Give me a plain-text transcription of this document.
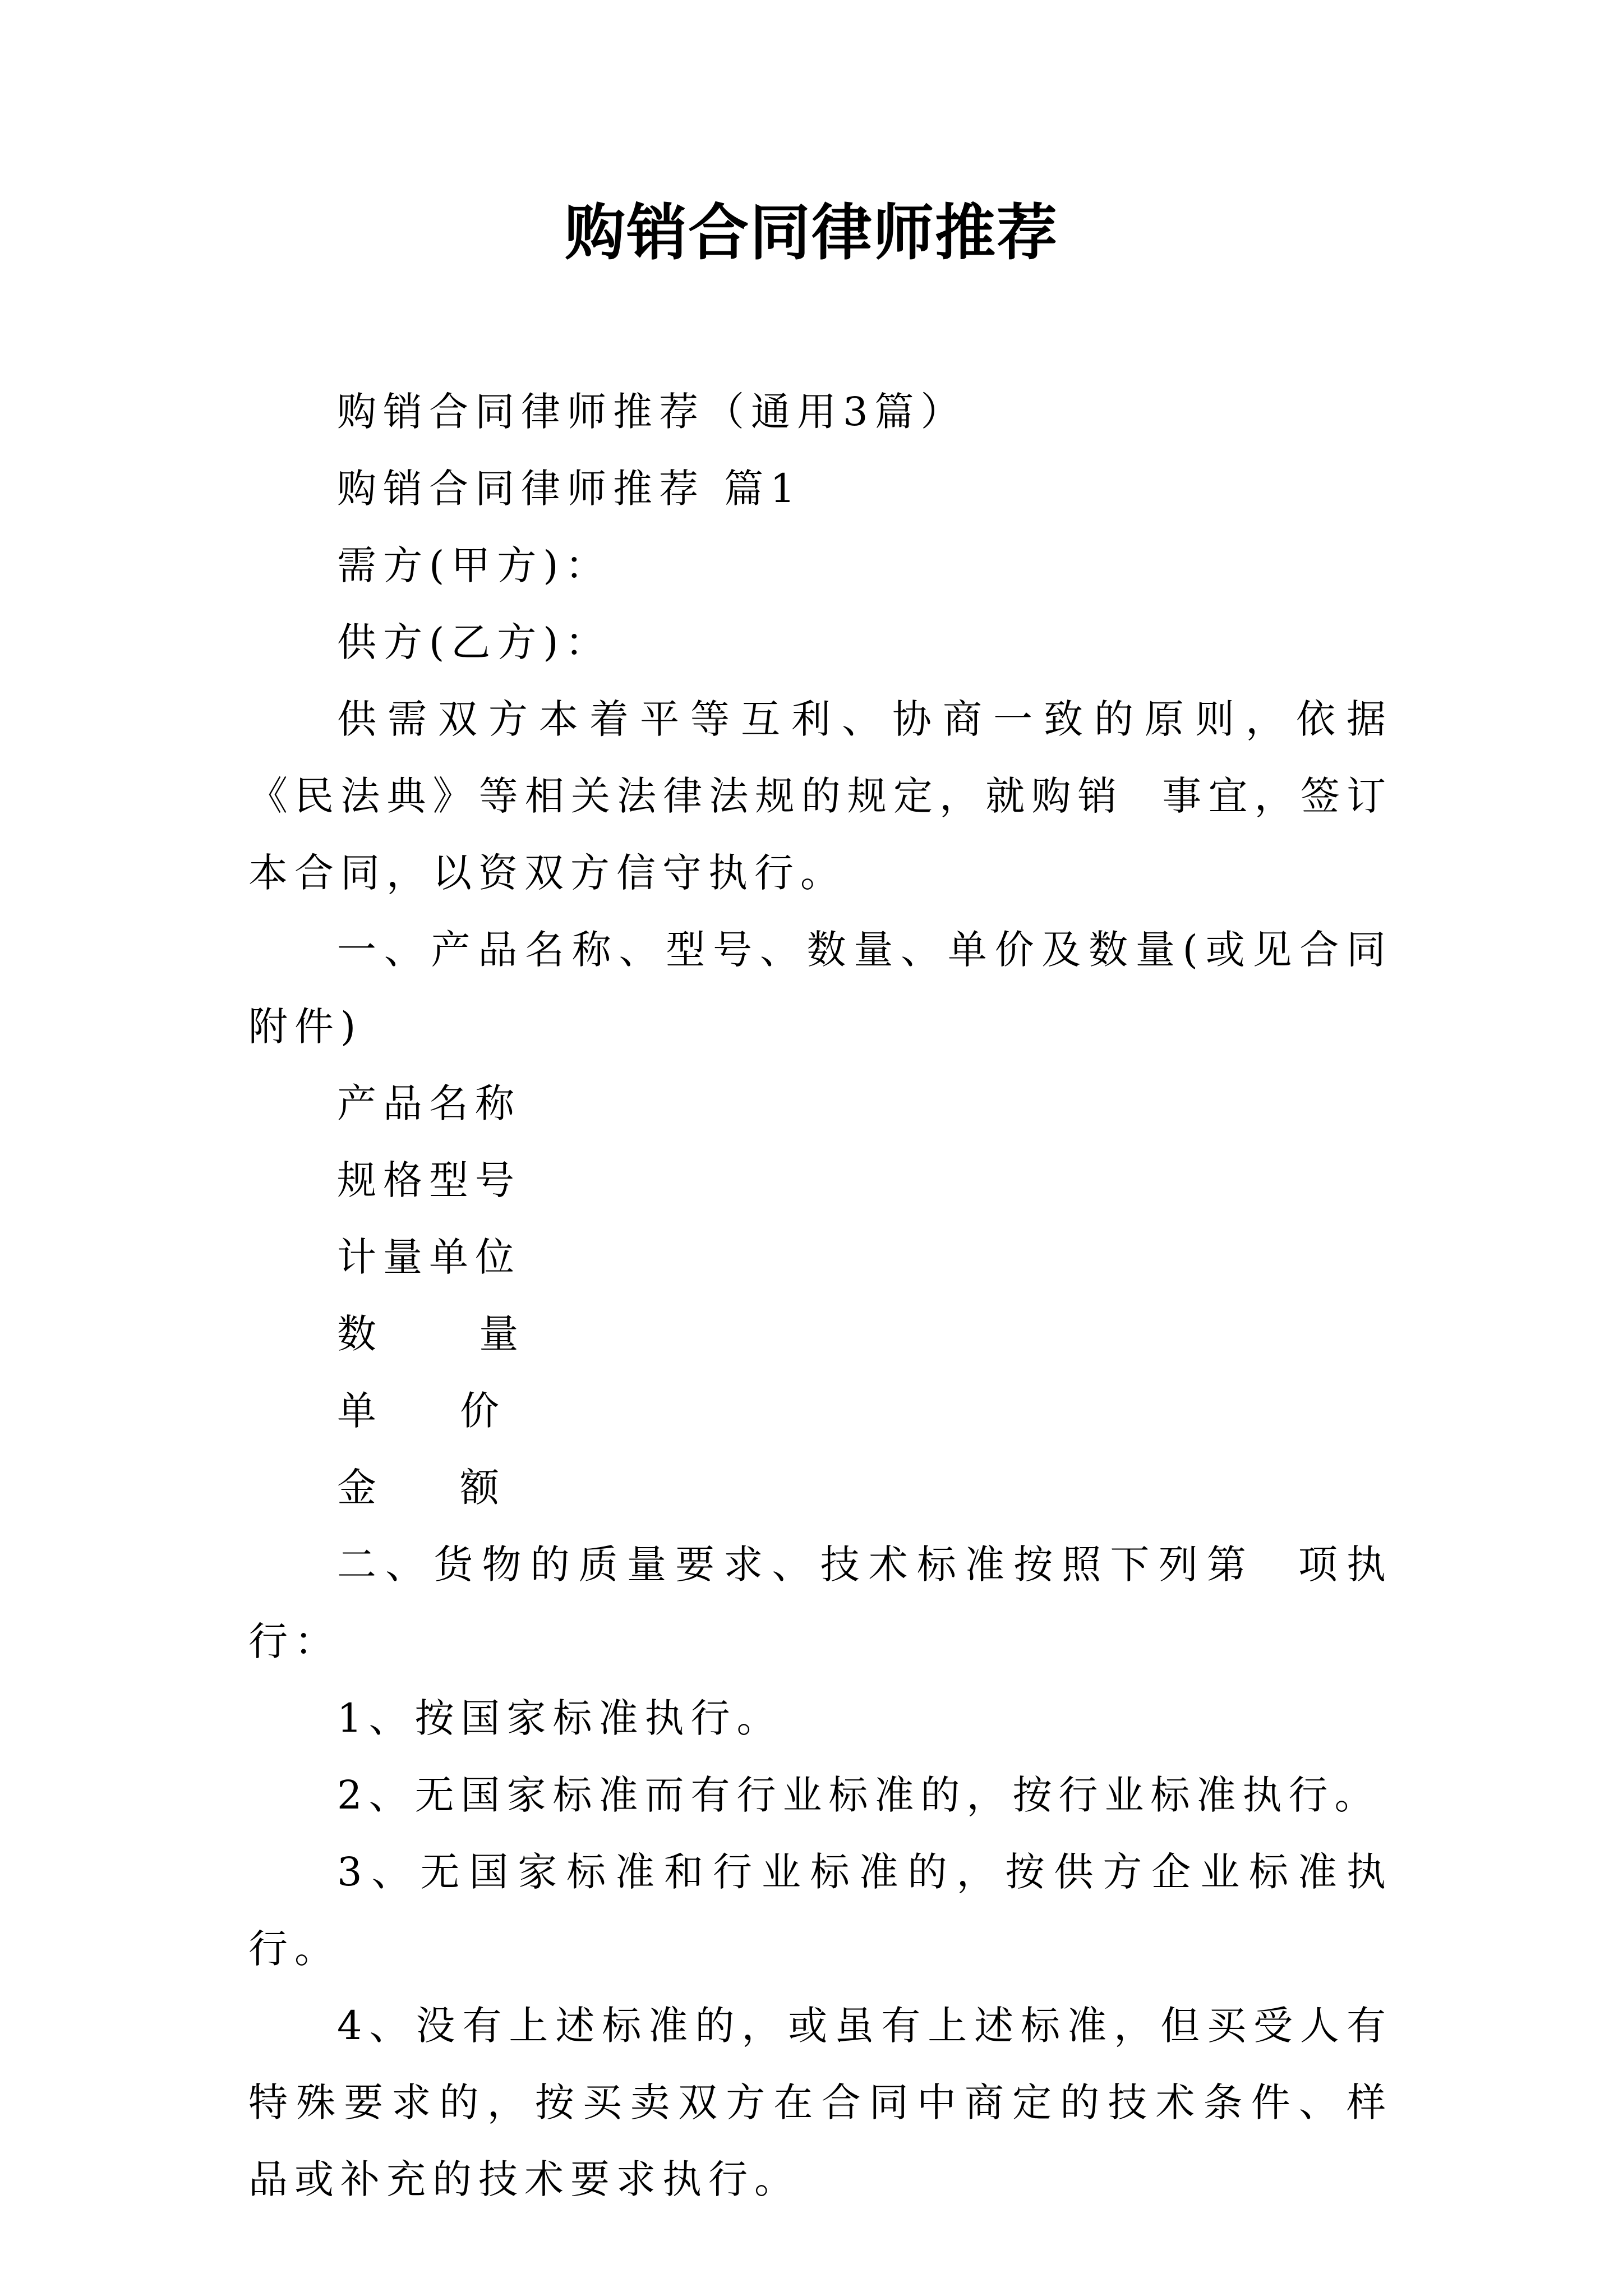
购销合同律师推荐

购销合同律师推荐（通用3篇）

购销合同律师推荐 篇1

需方(甲方)：

供方(乙方)：

供需双方本着平等互利、协商一致的原则，依据《民法典》等相关法律法规的规定，就购销  事宜，签订本合同，以资双方信守执行。

一、产品名称、型号、数量、单价及数量(或见合同附件)

产品名称

规格型号

计量单位

数     量

单    价

金    额

二、货物的质量要求、技术标准按照下列第  项执行：

1、按国家标准执行。

2、无国家标准而有行业标准的，按行业标准执行。

3、无国家标准和行业标准的，按供方企业标准执行。

4、没有上述标准的，或虽有上述标准，但买受人有特殊要求的，按买卖双方在合同中商定的技术条件、样品或补充的技术要求执行。
